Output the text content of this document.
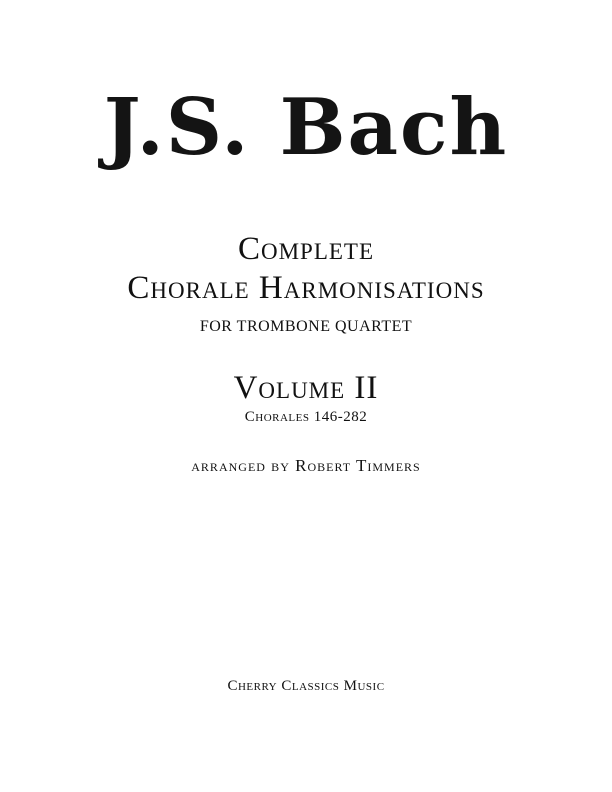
J.S. Bach
Complete
Chorale Harmonisations
FOR TROMBONE QUARTET
Volume II
Chorales 146-282
arranged by Robert Timmers
Cherry Classics Music
